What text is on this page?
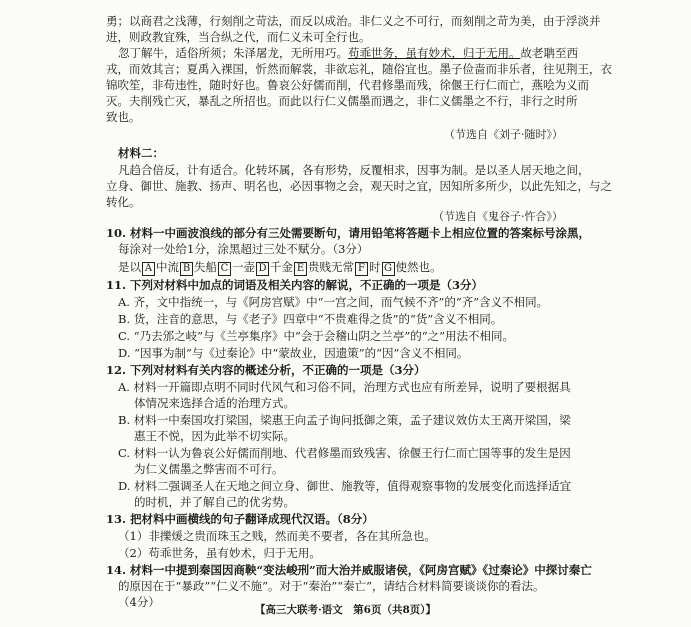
勇；以商君之浅薄，行刻削之苛法，而反以成治。非仁义之不可行，而刻削之苛为美，由于浮淡并
进，则政教宜殊，当合纵之代，而仁义未可全行也。
忽丁解牛，适俗所须；朱泽屠龙，无所用巧。苟乖世务，虽有妙术，归于无用。故老聃至西
戎，而效其言；夏禹入裸国，忻然而解裳，非欲忘礼，随俗宜也。墨子俭啬而非乐者，往见荆王，衣
锦吹笙，非苟违性，随时好也。鲁哀公好儒而削，代君修墨而残，徐偃王行仁而亡，燕哙为义而
灭。夫削残亡灭，暴乱之所招也。而此以行仁义儒墨而遇之，非仁义儒墨之不行，非行之时所
致也。
（节选自《刘子·随时》）
材料二：
凡趋合倍反，计有适合。化转坏属，各有形势，反覆相求，因事为制。是以圣人居天地之间，
立身、御世、施教、扬声、明名也，必因事物之会，观天时之宜，因知所多所少，以此先知之，与之
转化。
（节选自《鬼谷子·忤合》）
10. 材料一中画波浪线的部分有三处需要断句，请用铅笔将答题卡上相应位置的答案标号涂黑，
每涂对一处给1分，涂黑超过三处不赋分。（3分）
是以 A 中流 B 失船 C 一壶 D 千金 E 贵贱无常 F 时 G 使然也。
11. 下列对材料中加点的词语及相关内容的解说，不正确的一项是（3分）
A. 齐，文中指统一，与《阿房宫赋》中“一宫之间，而气候不齐”的“齐”含义不相同。
B. 货，注音的意思，与《老子》四章中“不贵难得之货”的“货”含义不相同。
C. “乃去邠之岐”与《兰亭集序》中“会于会稽山阴之兰亭”的“之”用法不相同。
D. “因事为制”与《过秦论》中“蒙故业，因遗策”的“因”含义不相同。
12. 下列对材料有关内容的概述分析，不正确的一项是（3分）
A. 材料一开篇即点明不同时代风气和习俗不同，治理方式也应有所差异，说明了要根据具
体情况来选择合适的治理方式。
B. 材料一中秦国攻打梁国，梁惠王向孟子询问抵御之策，孟子建议效仿太王离开梁国，梁
惠王不悦，因为此举不切实际。
C. 材料一认为鲁哀公好儒而削地、代君修墨而致残害、徐偃王行仁而亡国等事的发生是因
为仁义儒墨之弊害而不可行。
D. 材料二强调圣人在天地之间立身、御世、施教等，值得观察事物的发展变化而选择适宜
的时机，并了解自己的优劣势。
13. 把材料中画横线的句子翻译成现代汉语。（8分）
（1）非擽煖之贵而珠玉之贱，然而美不要者，各在其所急也。
（2）苟乖世务，虽有妙术，归于无用。
14. 材料一中提到秦国因商鞅“变法峻刑”而大治并威服诸侯，《阿房宫赋》《过秦论》中探讨秦亡
的原因在于“暴政”“仁义不施”。对于“秦治”“秦亡”，请结合材料简要谈谈你的看法。
（4分）
【高三大联考·语文　第6页（共8页）】
